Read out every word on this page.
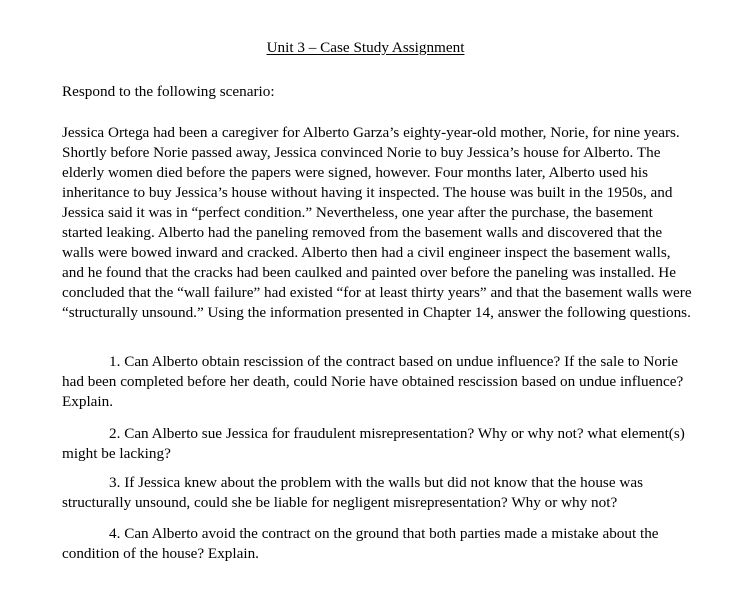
Unit 3 – Case Study Assignment

Respond to the following scenario:

Jessica Ortega had been a caregiver for Alberto Garza’s eighty-year-old mother, Norie, for nine years. Shortly before Norie passed away, Jessica convinced Norie to buy Jessica’s house for Alberto. The elderly women died before the papers were signed, however. Four months later, Alberto used his inheritance to buy Jessica’s house without having it inspected. The house was built in the 1950s, and Jessica said it was in “perfect condition.” Nevertheless, one year after the purchase, the basement started leaking. Alberto had the paneling removed from the basement walls and discovered that the walls were bowed inward and cracked. Alberto then had a civil engineer inspect the basement walls, and he found that the cracks had been caulked and painted over before the paneling was installed. He concluded that the “wall failure” had existed “for at least thirty years” and that the basement walls were “structurally unsound.” Using the information presented in Chapter 14, answer the following questions.

1. Can Alberto obtain rescission of the contract based on undue influence? If the sale to Norie had been completed before her death, could Norie have obtained rescission based on undue influence? Explain.

2. Can Alberto sue Jessica for fraudulent misrepresentation? Why or why not? what element(s) might be lacking?

3. If Jessica knew about the problem with the walls but did not know that the house was structurally unsound, could she be liable for negligent misrepresentation? Why or why not?

4. Can Alberto avoid the contract on the ground that both parties made a mistake about the condition of the house? Explain.
